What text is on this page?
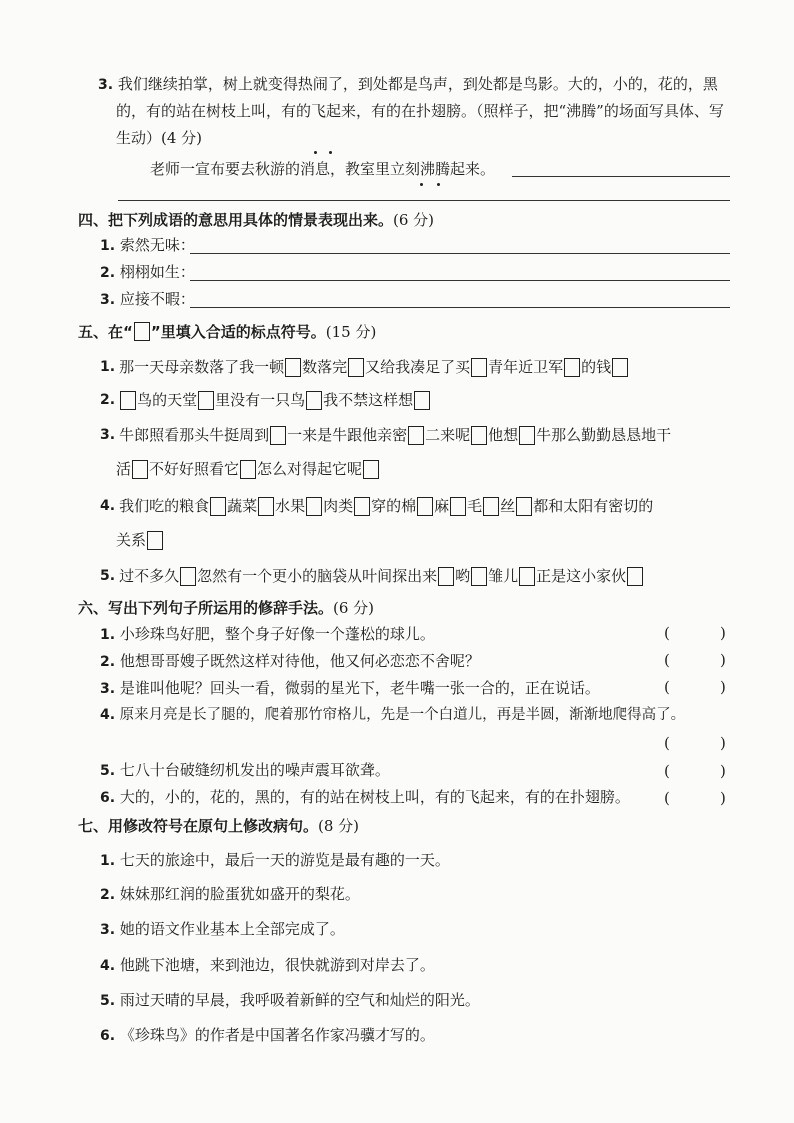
3. 我们继续拍掌，树上就变得热闹了，到处都是鸟声，到处都是鸟影。大的，小的，花的，黑
的，有的站在树枝上叫，有的飞起来，有的在扑翅膀。（照样子，把“沸腾”的场面写具体、写
生动）(4 分)
老师一宣布要去秋游的消息，教室里立刻沸腾起来。
四、把下列成语的意思用具体的情景表现出来。(6 分)
1. 索然无味：
2. 栩栩如生：
3. 应接不暇：
五、在“ ”里填入合适的标点符号。(15 分)
1. 那一天母亲数落了我一顿 数落完 又给我凑足了买 青年近卫军 的钱
2. 鸟的天堂 里没有一只鸟 我不禁这样想
3. 牛郎照看那头牛挺周到 一来是牛跟他亲密 二来呢 他想 牛那么勤勤恳恳地干
活 不好好照看它 怎么对得起它呢
4. 我们吃的粮食 蔬菜 水果 肉类 穿的棉 麻 毛 丝 都和太阳有密切的
关系
5. 过不多久 忽然有一个更小的脑袋从叶间探出来 哟 雏儿 正是这小家伙
六、写出下列句子所运用的修辞手法。(6 分)
1. 小珍珠鸟好肥，整个身子好像一个蓬松的球儿。	(	)
2. 他想哥哥嫂子既然这样对待他，他又何必恋恋不舍呢？	(	)
3. 是谁叫他呢？回头一看，微弱的星光下，老牛嘴一张一合的，正在说话。	(	)
4. 原来月亮是长了腿的，爬着那竹帘格儿，先是一个白道儿，再是半圆，渐渐地爬得高了。
(	)
5. 七八十台破缝纫机发出的噪声震耳欲聋。	(	)
6. 大的，小的，花的，黑的，有的站在树枝上叫，有的飞起来，有的在扑翅膀。 (	)
七、用修改符号在原句上修改病句。(8 分)
1. 七天的旅途中，最后一天的游览是最有趣的一天。
2. 妹妹那红润的脸蛋犹如盛开的梨花。
3. 她的语文作业基本上全部完成了。
4. 他跳下池塘，来到池边，很快就游到对岸去了。
5. 雨过天晴的早晨，我呼吸着新鲜的空气和灿烂的阳光。
6. 《珍珠鸟》的作者是中国著名作家冯骥才写的。
